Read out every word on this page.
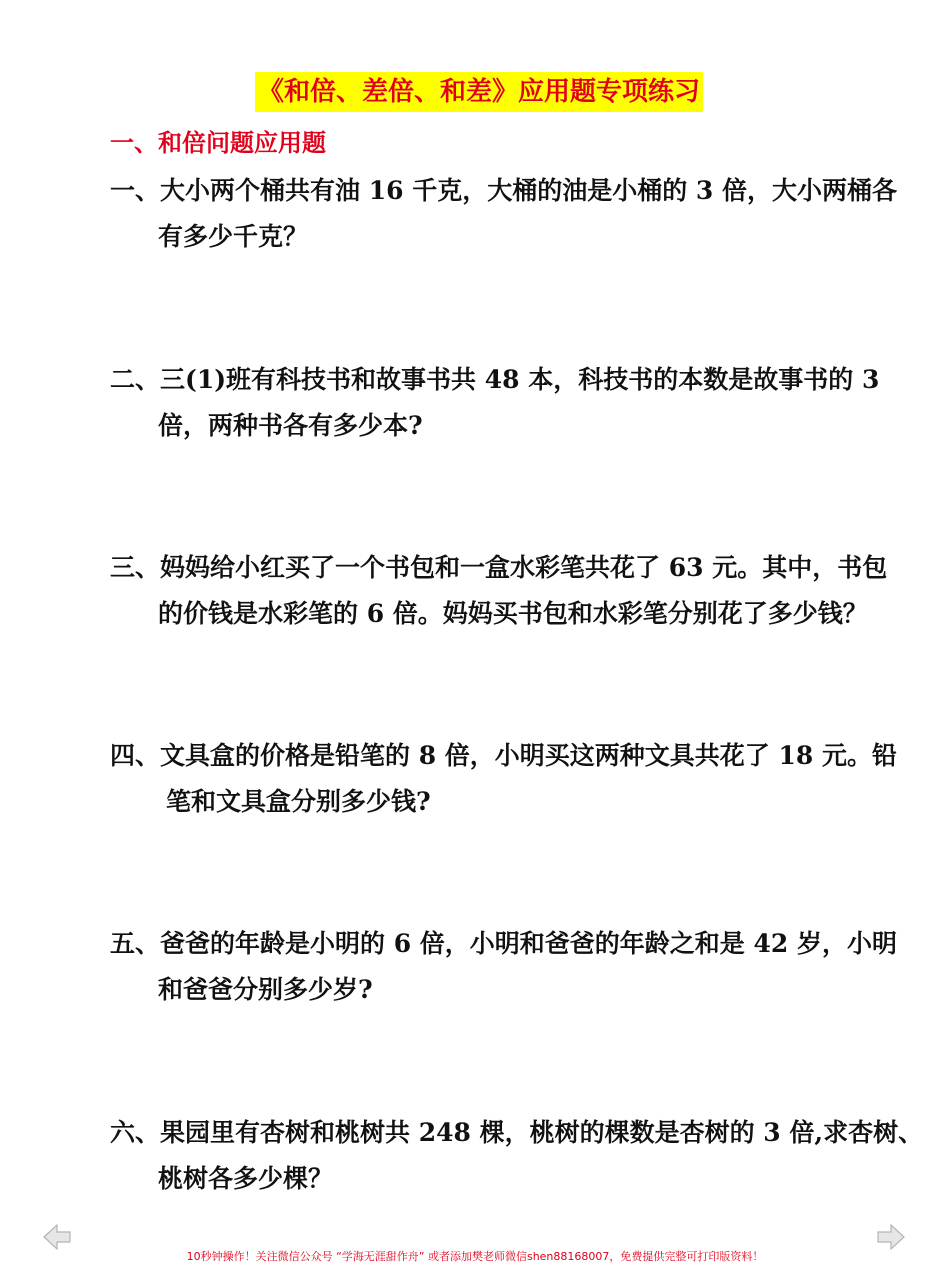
《和倍、差倍、和差》应用题专项练习
一、和倍问题应用题
一、大小两个桶共有油 16 千克，大桶的油是小桶的 3 倍，大小两桶各
有多少千克？
二、三(1)班有科技书和故事书共 48 本，科技书的本数是故事书的 3
倍，两种书各有多少本?
三、妈妈给小红买了一个书包和一盒水彩笔共花了 63 元。其中，书包
的价钱是水彩笔的 6 倍。妈妈买书包和水彩笔分别花了多少钱？
四、文具盒的价格是铅笔的 8 倍，小明买这两种文具共花了 18 元。铅
笔和文具盒分别多少钱?
五、爸爸的年龄是小明的 6 倍，小明和爸爸的年龄之和是 42 岁，小明
和爸爸分别多少岁?
六、果园里有杏树和桃树共 248 棵，桃树的棵数是杏树的 3 倍,求杏树、
桃树各多少棵？
10秒钟操作！关注微信公众号 “学海无涯甜作舟” 或者添加樊老师微信shen88168007，免费提供完整可打印版资料！
